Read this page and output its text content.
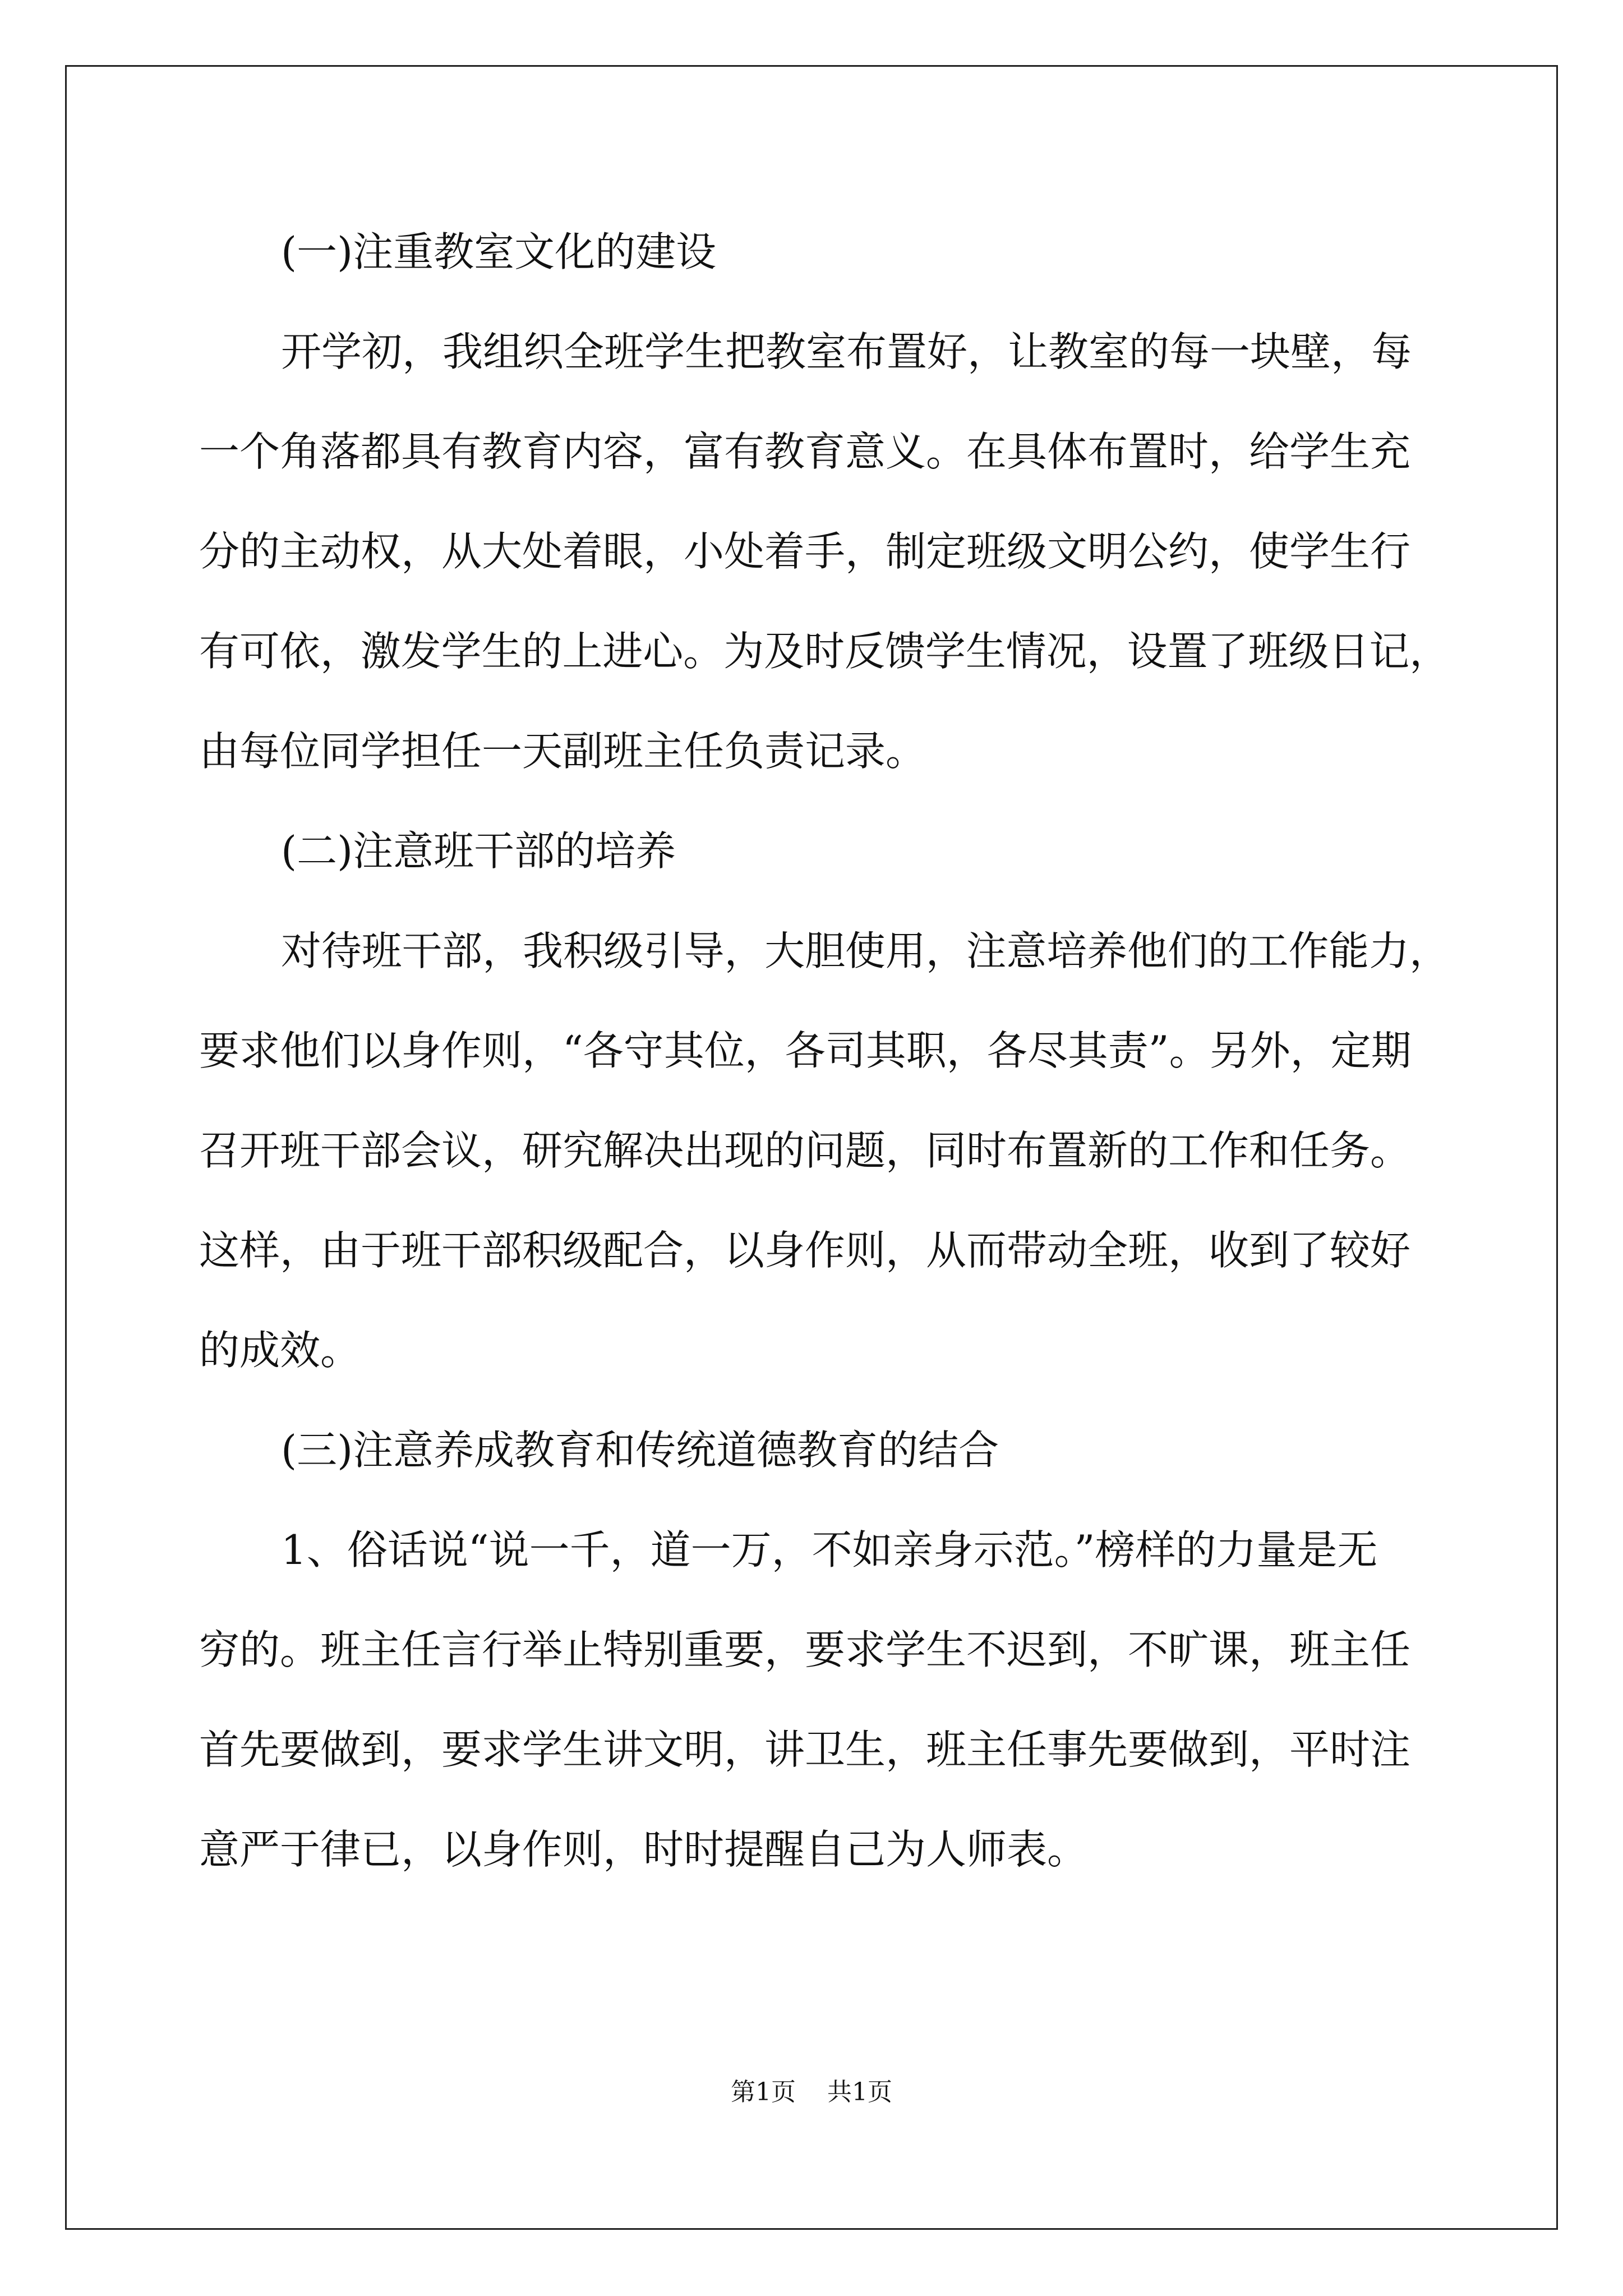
(一)注重教室文化的建设
开学初，我组织全班学生把教室布置好，让教室的每一块壁，每
一个角落都具有教育内容，富有教育意义。在具体布置时，给学生充
分的主动权，从大处着眼，小处着手，制定班级文明公约，使学生行
有可依，激发学生的上进心。为及时反馈学生情况，设置了班级日记，
由每位同学担任一天副班主任负责记录。
(二)注意班干部的培养
对待班干部，我积级引导，大胆使用，注意培养他们的工作能力，
要求他们以身作则，“各守其位，各司其职，各尽其责”。另外，定期
召开班干部会议，研究解决出现的问题，同时布置新的工作和任务。
这样，由于班干部积级配合，以身作则，从而带动全班，收到了较好
的成效。
(三)注意养成教育和传统道德教育的结合
1、俗话说“说一千，道一万，不如亲身示范。”榜样的力量是无
穷的。班主任言行举止特别重要，要求学生不迟到，不旷课，班主任
首先要做到，要求学生讲文明，讲卫生，班主任事先要做到，平时注
意严于律已，以身作则，时时提醒自己为人师表。
第1页 共1页
